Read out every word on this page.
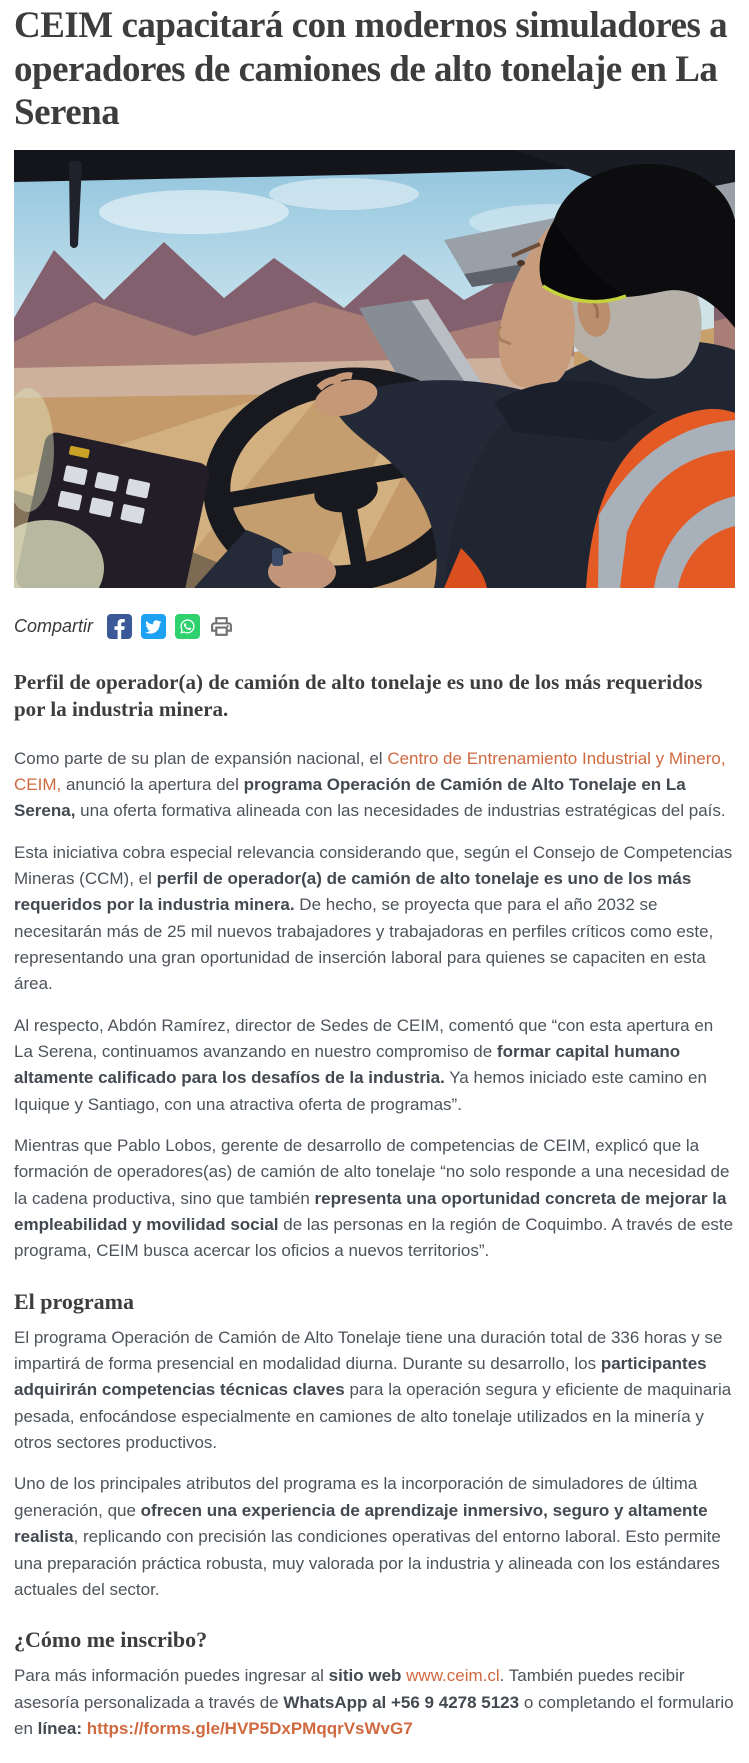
CEIM capacitará con modernos simuladores a operadores de camiones de alto tonelaje en La Serena
Compartir
Perfil de operador(a) de camión de alto tonelaje es uno de los más requeridos por la industria minera.

Como parte de su plan de expansión nacional, el Centro de Entrenamiento Industrial y Minero, CEIM, anunció la apertura del programa Operación de Camión de Alto Tonelaje en La Serena, una oferta formativa alineada con las necesidades de industrias estratégicas del país.

Esta iniciativa cobra especial relevancia considerando que, según el Consejo de Competencias Mineras (CCM), el perfil de operador(a) de camión de alto tonelaje es uno de los más requeridos por la industria minera. De hecho, se proyecta que para el año 2032 se necesitarán más de 25 mil nuevos trabajadores y trabajadoras en perfiles críticos como este, representando una gran oportunidad de inserción laboral para quienes se capaciten en esta área.

Al respecto, Abdón Ramírez, director de Sedes de CEIM, comentó que “con esta apertura en La Serena, continuamos avanzando en nuestro compromiso de formar capital humano altamente calificado para los desafíos de la industria. Ya hemos iniciado este camino en Iquique y Santiago, con una atractiva oferta de programas”.

Mientras que Pablo Lobos, gerente de desarrollo de competencias de CEIM, explicó que la formación de operadores(as) de camión de alto tonelaje “no solo responde a una necesidad de la cadena productiva, sino que también representa una oportunidad concreta de mejorar la empleabilidad y movilidad social de las personas en la región de Coquimbo. A través de este programa, CEIM busca acercar los oficios a nuevos territorios”.

El programa

El programa Operación de Camión de Alto Tonelaje tiene una duración total de 336 horas y se impartirá de forma presencial en modalidad diurna. Durante su desarrollo, los participantes adquirirán competencias técnicas claves para la operación segura y eficiente de maquinaria pesada, enfocándose especialmente en camiones de alto tonelaje utilizados en la minería y otros sectores productivos.

Uno de los principales atributos del programa es la incorporación de simuladores de última generación, que ofrecen una experiencia de aprendizaje inmersivo, seguro y altamente realista, replicando con precisión las condiciones operativas del entorno laboral. Esto permite una preparación práctica robusta, muy valorada por la industria y alineada con los estándares actuales del sector.

¿Cómo me inscribo?

Para más información puedes ingresar al sitio web www.ceim.cl. También puedes recibir asesoría personalizada a través de WhatsApp al +56 9 4278 5123 o completando el formulario en línea: https://forms.gle/HVP5DxPMqqrVsWvG7
